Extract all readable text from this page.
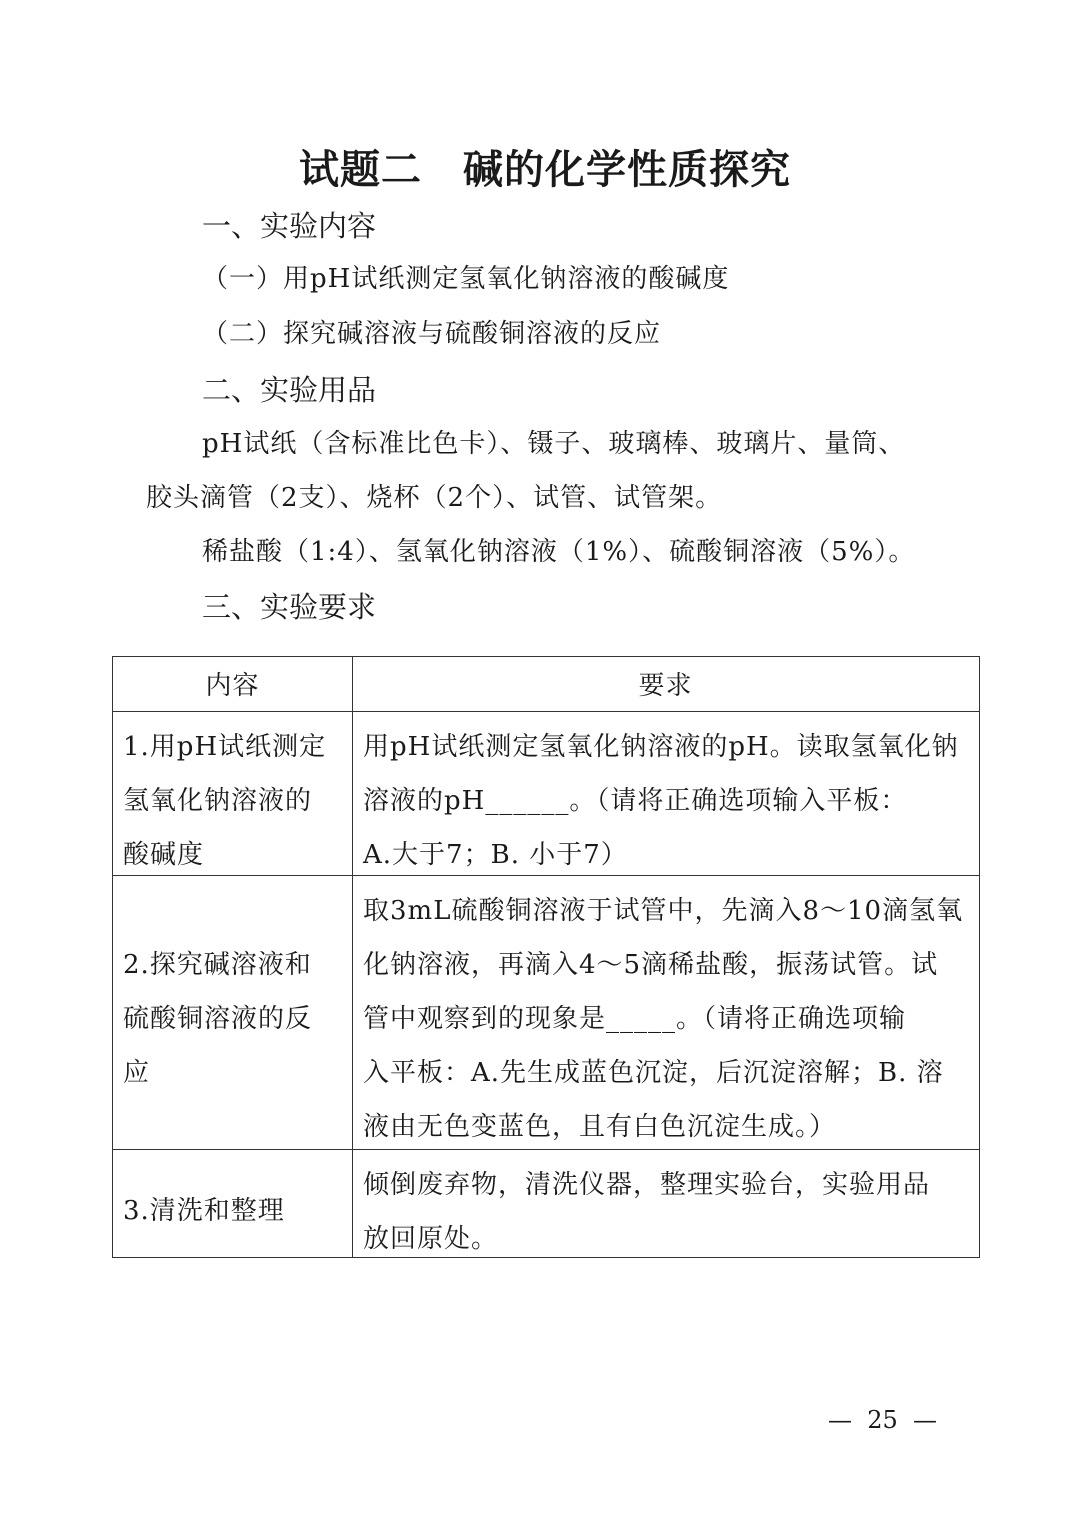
试题二　碱的化学性质探究
一、实验内容
（一）用pH试纸测定氢氧化钠溶液的酸碱度
（二）探究碱溶液与硫酸铜溶液的反应
二、实验用品
pH试纸（含标准比色卡）、镊子、玻璃棒、玻璃片、量筒、
胶头滴管（2支）、烧杯（2个）、试管、试管架。
稀盐酸（1:4）、氢氧化钠溶液（1%）、硫酸铜溶液（5%）。
三、实验要求
内容	要求
1.用pH试纸测定
氢氧化钠溶液的
酸碱度
用pH试纸测定氢氧化钠溶液的pH。读取氢氧化钠
溶液的pH______。（请将正确选项输入平板：
A.大于7；B. 小于7）
2.探究碱溶液和
硫酸铜溶液的反
应
取3mL硫酸铜溶液于试管中，先滴入8～10滴氢氧
化钠溶液，再滴入4～5滴稀盐酸，振荡试管。试
管中观察到的现象是_____。（请将正确选项输
入平板：A.先生成蓝色沉淀，后沉淀溶解；B. 溶
液由无色变蓝色，且有白色沉淀生成。）
3.清洗和整理
倾倒废弃物，清洗仪器，整理实验台，实验用品
放回原处。
—  25  —
